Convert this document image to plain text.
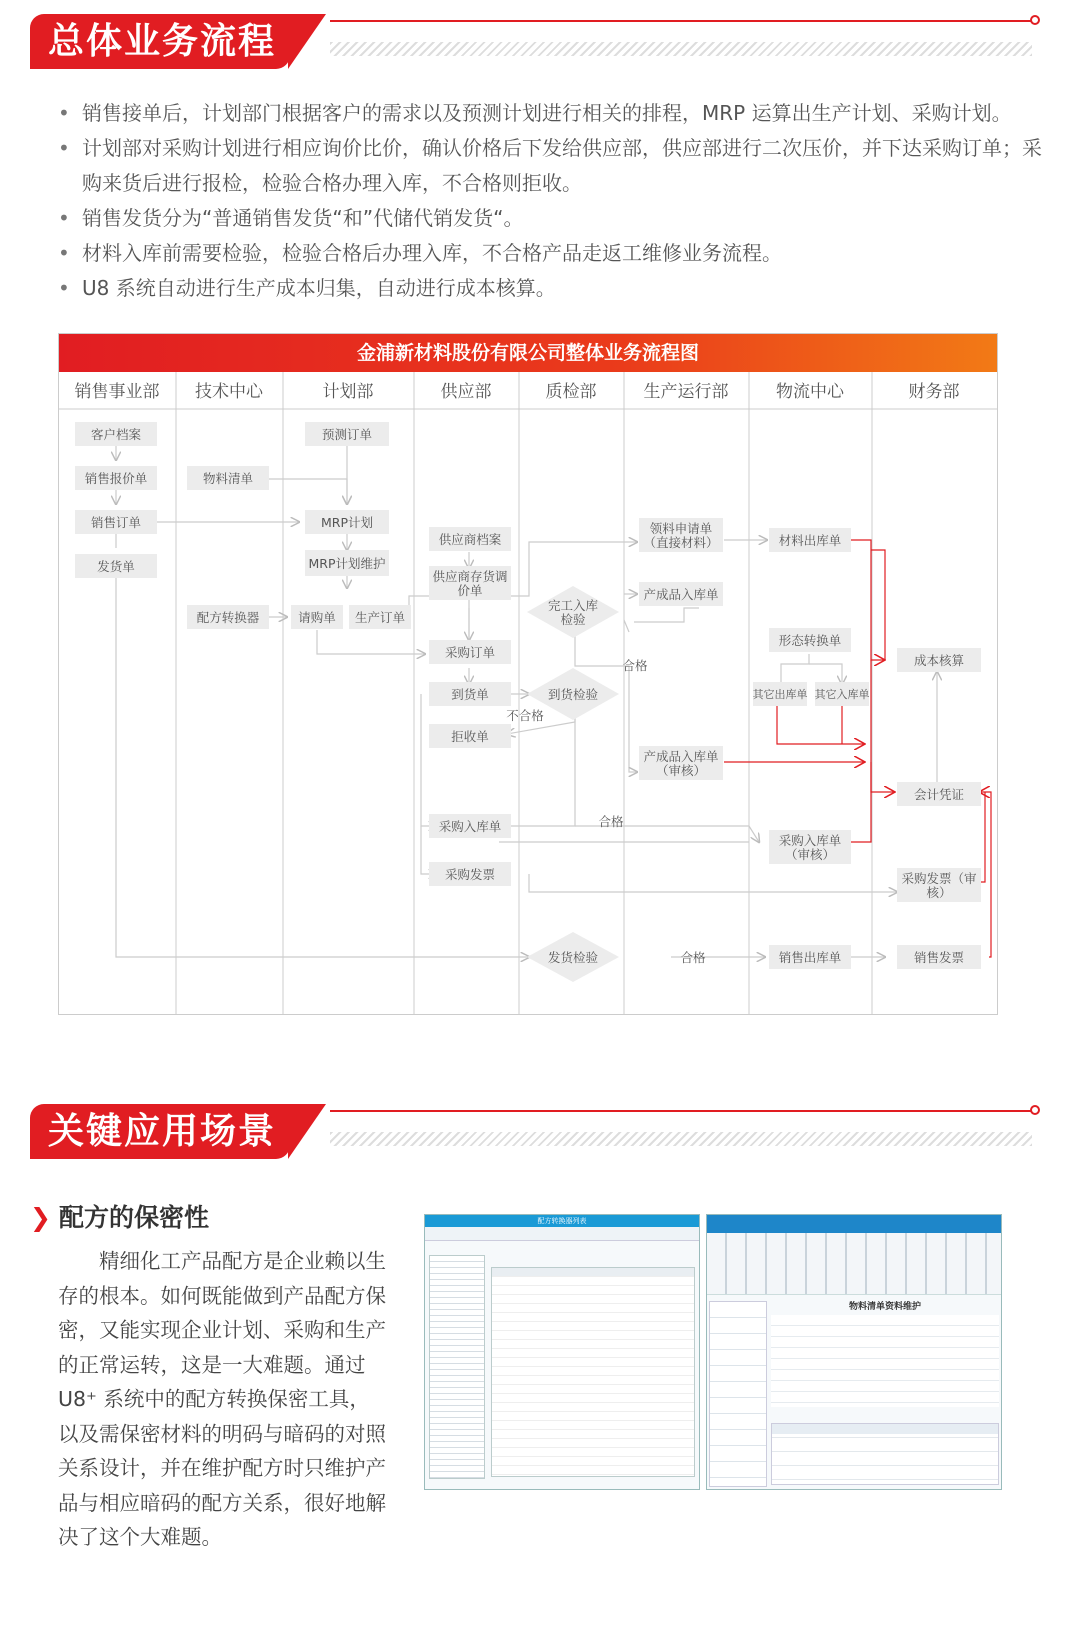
总体业务流程
• 销售接单后，计划部门根据客户的需求以及预测计划进行相关的排程，MRP 运算出生产计划、采购计划。
• 计划部对采购计划进行相应询价比价，确认价格后下发给供应部，供应部进行二次压价，并下达采购订单；采购来货后进行报检，检验合格办理入库，不合格则拒收。
• 销售发货分为“普通销售发货“和”代储代销发货“。
• 材料入库前需要检验，检验合格后办理入库，不合格产品走返工维修业务流程。
• U8 系统自动进行生产成本归集，自动进行成本核算。
金浦新材料股份有限公司整体业务流程图
销售事业部 技术中心	计划部	供应部	质检部	生产运行部	物流中心	财务部
客户档案
销售报价单
销售订单
发货单
物料清单
配方转换器
预测订单
MRP计划
MRP计划维护
请购单 生产订单
供应商档案
供应商存货调
价单
采购订单
到货单
拒收单
采购入库单
采购发票
完工入库
检验
到货检验
发货检验
领料申请单
（直接材料）
产成品入库单
产成品入库单
（审核）
材料出库单
形态转换单
其它出库单 其它入库单
采购入库单
（审核）
销售出库单
成本核算
会计凭证
采购发票（审
核）
销售发票
合格
不合格
合格
合格
关键应用场景
❯ 配方的保密性

精细化工产品配方是企业赖以生存的根本。如何既能做到产品配方保密，又能实现企业计划、采购和生产的正常运转，这是一大难题。通过 U8⁺ 系统中的配方转换保密工具，以及需保密材料的明码与暗码的对照关系设计，并在维护配方时只维护产品与相应暗码的配方关系，很好地解决了这个大难题。

配方转换器列表
物料清单资料维护
